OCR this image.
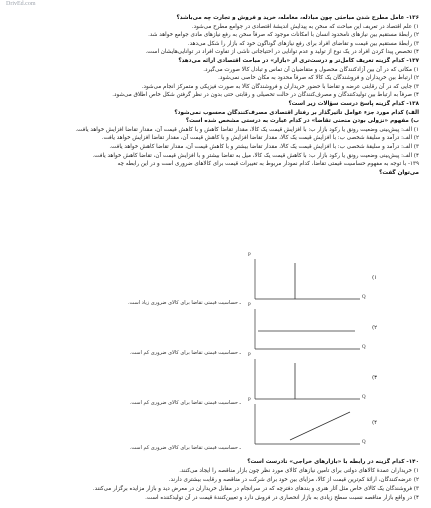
DrivEd.com
۱۳۶- عامل مطرح شدن مباحثی چون مبادله، معامله، خرید و فروش و تجارت چه می‌باشد؟
۱) علم اقتصاد در تعریف این مباحث که سخن به پیدایش اندیشهٔ اقتصادی در جوامع مطرح می‌شود.
۲) رابطهٔ مستقیم بین نیازهای نامحدود انسان با امکانات موجود که صرفاً سخن به رفع نیازهای مادی جوامع خواهد شد.
۳) رابطهٔ مستقیم بین قیمت و تقاضای افراد برای رفع نیازهای گوناگون خود که بازار را شکل می‌دهد.
۴) تخصص پیدا کردن افراد در یک نوع از تولید و عدم توانایی در احتیاجاتی ناشی از تفاوت افراد در توانایی‌هایشان است.
۱۳۷- کدام گزینه تعریف کامل‌تر و درست‌تری از «بازار» در مباحث اقتصادی ارائه می‌دهد؟
۱) مکانی که در آن بین آزاد‌کنندگان محصول و متقاضیان آن تماس و تبادل کالا صورت می‌گیرد.
۲) ارتباط بین خریداران و فروشندگان یک کالا که صرفاً محدود به مکان خاصی نمی‌شود.
۳) جایی که در آن رقابتی عرضه و تقاضا با حضور خریداران و فروشندگان کالا به صورت فیزیکی و متمرکز انجام می‌شود.
۴) صرفاً به ارتباط بین تولیدکنندگان و مصرف‌کنندگان در حالت تحصیلی و رقابتی حتی بدون در نظر گرفتن شکل خاص اطلاق می‌شود.
۱۳۸- کدام گزینه پاسخ درست سؤالات زیر است؟
الف) کدام مورد جزء عوامل تأثیرگذار بر رفتار اقتصادی مصرف‌کنندگان محسوب نمی‌شود؟
ب) مفهوم «نزولی بودن منحنی تقاضا» در کدام عبارت به درستی مشخص شده است؟
۱) الف: پیش‌بینی وضعیت رونق یا رکود بازار ب: با افزایش قیمت یک کالا، مقدار تقاضا کاهش و با کاهش قیمت آن، مقدار تقاضا افزایش خواهد یافت.
۲) الف: درآمد و سلیقهٔ شخصی ب: با افزایش قیمت یک کالا، مقدار تقاضا افزایش و با کاهش قیمت آن، مقدار تقاضا افزایش خواهد یافت.
۳) الف: درآمد و سلیقهٔ شخصی ب: با افزایش قیمت یک کالا، مقدار تقاضا بیشتر و با کاهش قیمت آن، مقدار تقاضا کاهش خواهد یافت.
۴) الف: پیش‌بینی وضعیت رونق یا رکود بازار ب: با کاهش قیمت یک کالا، میل به تقاضا بیشتر و با افزایش قیمت آن، تقاضا کاهش خواهد یافت.
۱۳۹- با توجه به مفهوم حساسیت قیمتی تقاضا، کدام نمودار مربوط به تغییرات قیمت برای کالاهای ضروری است و در این رابطه چه
می‌توان گفت؟
P
Q
(۱
ـ حساسیت قیمتی تقاضا برای کالای ضروری زیاد است. P
Q
(۲
ـ حساسیت قیمتی تقاضا برای کالای ضروری کم است. P
Q
(۳
ـ حساسیت قیمتی تقاضا برای کالای ضروری کم است. P
Q
(۴
ـ حساسیت قیمتی تقاضا برای کالای ضروری کم است.
۱۴۰- کدام گزینه در رابطه با «بازارهای خراجی» نادرست است؟
۱) خریداران عمدهٔ کالاهای دولتی برای تأمین نیازهای کالای مورد نظر چون بازار مناقصه را ایجاد می‌کنند.
۲) عرضه‌کنندگان، ارائهٔ کم‌ترین قیمت از کالا، مزایای بین خود برای شرکت در مناقصه و رقابت بیشتری دارند.
۳) فروشندگان یک کالای خاص مثل آثار هنری و بندهای دفترچه که در سرانجام در مقابل خریداران در معرض دید و بازار مزایده برگزار می‌کنند.
۴) در واقع بازار مناقصه نسبت سطح زیادی به بازار انحصاری در فروش دارد و تعیین‌کنندهٔ قیمت در آن تولیدکننده است.
